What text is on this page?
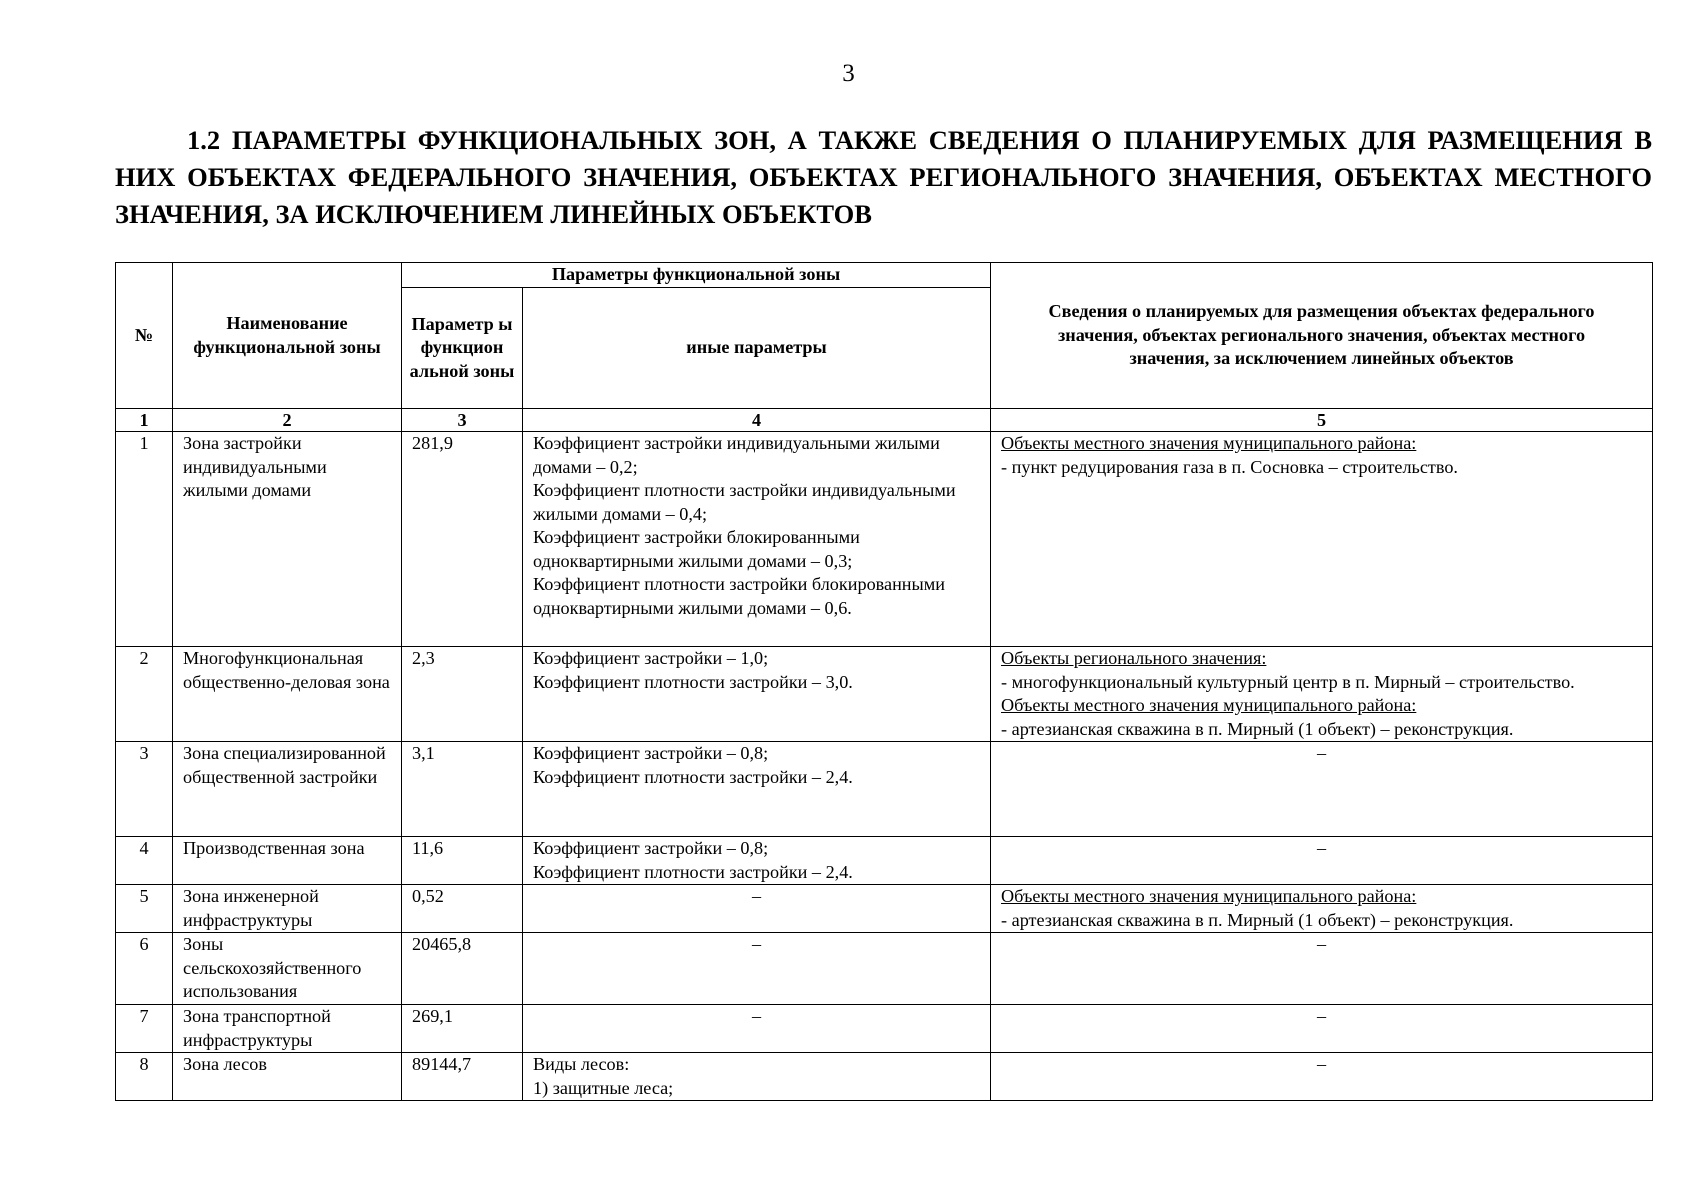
3
1.2 ПАРАМЕТРЫ ФУНКЦИОНАЛЬНЫХ ЗОН, А ТАКЖЕ СВЕДЕНИЯ О ПЛАНИРУЕМЫХ ДЛЯ РАЗМЕЩЕНИЯ В НИХ ОБЪЕКТАХ ФЕДЕРАЛЬНОГО ЗНАЧЕНИЯ, ОБЪЕКТАХ РЕГИОНАЛЬНОГО ЗНАЧЕНИЯ, ОБЪЕКТАХ МЕСТНОГО ЗНАЧЕНИЯ, ЗА ИСКЛЮЧЕНИЕМ ЛИНЕЙНЫХ ОБЪЕКТОВ
№	Наименование функциональной зоны	Параметры функциональной зоны		Сведения о планируемых для размещения объектах федерального значения, объектах регионального значения, объектах местного значения, за исключением линейных объектов
		Параметр ы функцион альной зоны	иные параметры	
1	2	3	4	5
1	Зона застройки индивидуальными жилыми домами	281,9	Коэффициент застройки индивидуальными жилыми домами – 0,2;
Коэффициент плотности застройки индивидуальными жилыми домами – 0,4;
Коэффициент застройки блокированными одноквартирными жилыми домами – 0,3;
Коэффициент плотности застройки блокированными одноквартирными жилыми домами – 0,6.	Объекты местного значения муниципального района:
- пункт редуцирования газа в п. Сосновка – строительство.

2	Многофункциональная общественно-деловая зона	2,3	Коэффициент застройки – 1,0;
Коэффициент плотности застройки – 3,0.	Объекты регионального значения:
- многофункциональный культурный центр в п. Мирный – строительство.
Объекты местного значения муниципального района:
- артезианская скважина в п. Мирный (1 объект) – реконструкция.

3	Зона специализированной общественной застройки	3,1	Коэффициент застройки – 0,8;
Коэффициент плотности застройки – 2,4.	–
4	Производственная зона	11,6	Коэффициент застройки – 0,8;
Коэффициент плотности застройки – 2,4.	–
5	Зона инженерной инфраструктуры	0,52	–	Объекты местного значения муниципального района:
- артезианская скважина в п. Мирный (1 объект) – реконструкция.

6	Зоны сельскохозяйственного использования	20465,8	–	–
7	Зона транспортной инфраструктуры	269,1	–	–
8	Зона лесов	89144,7	Виды лесов:
1) защитные леса;	–
